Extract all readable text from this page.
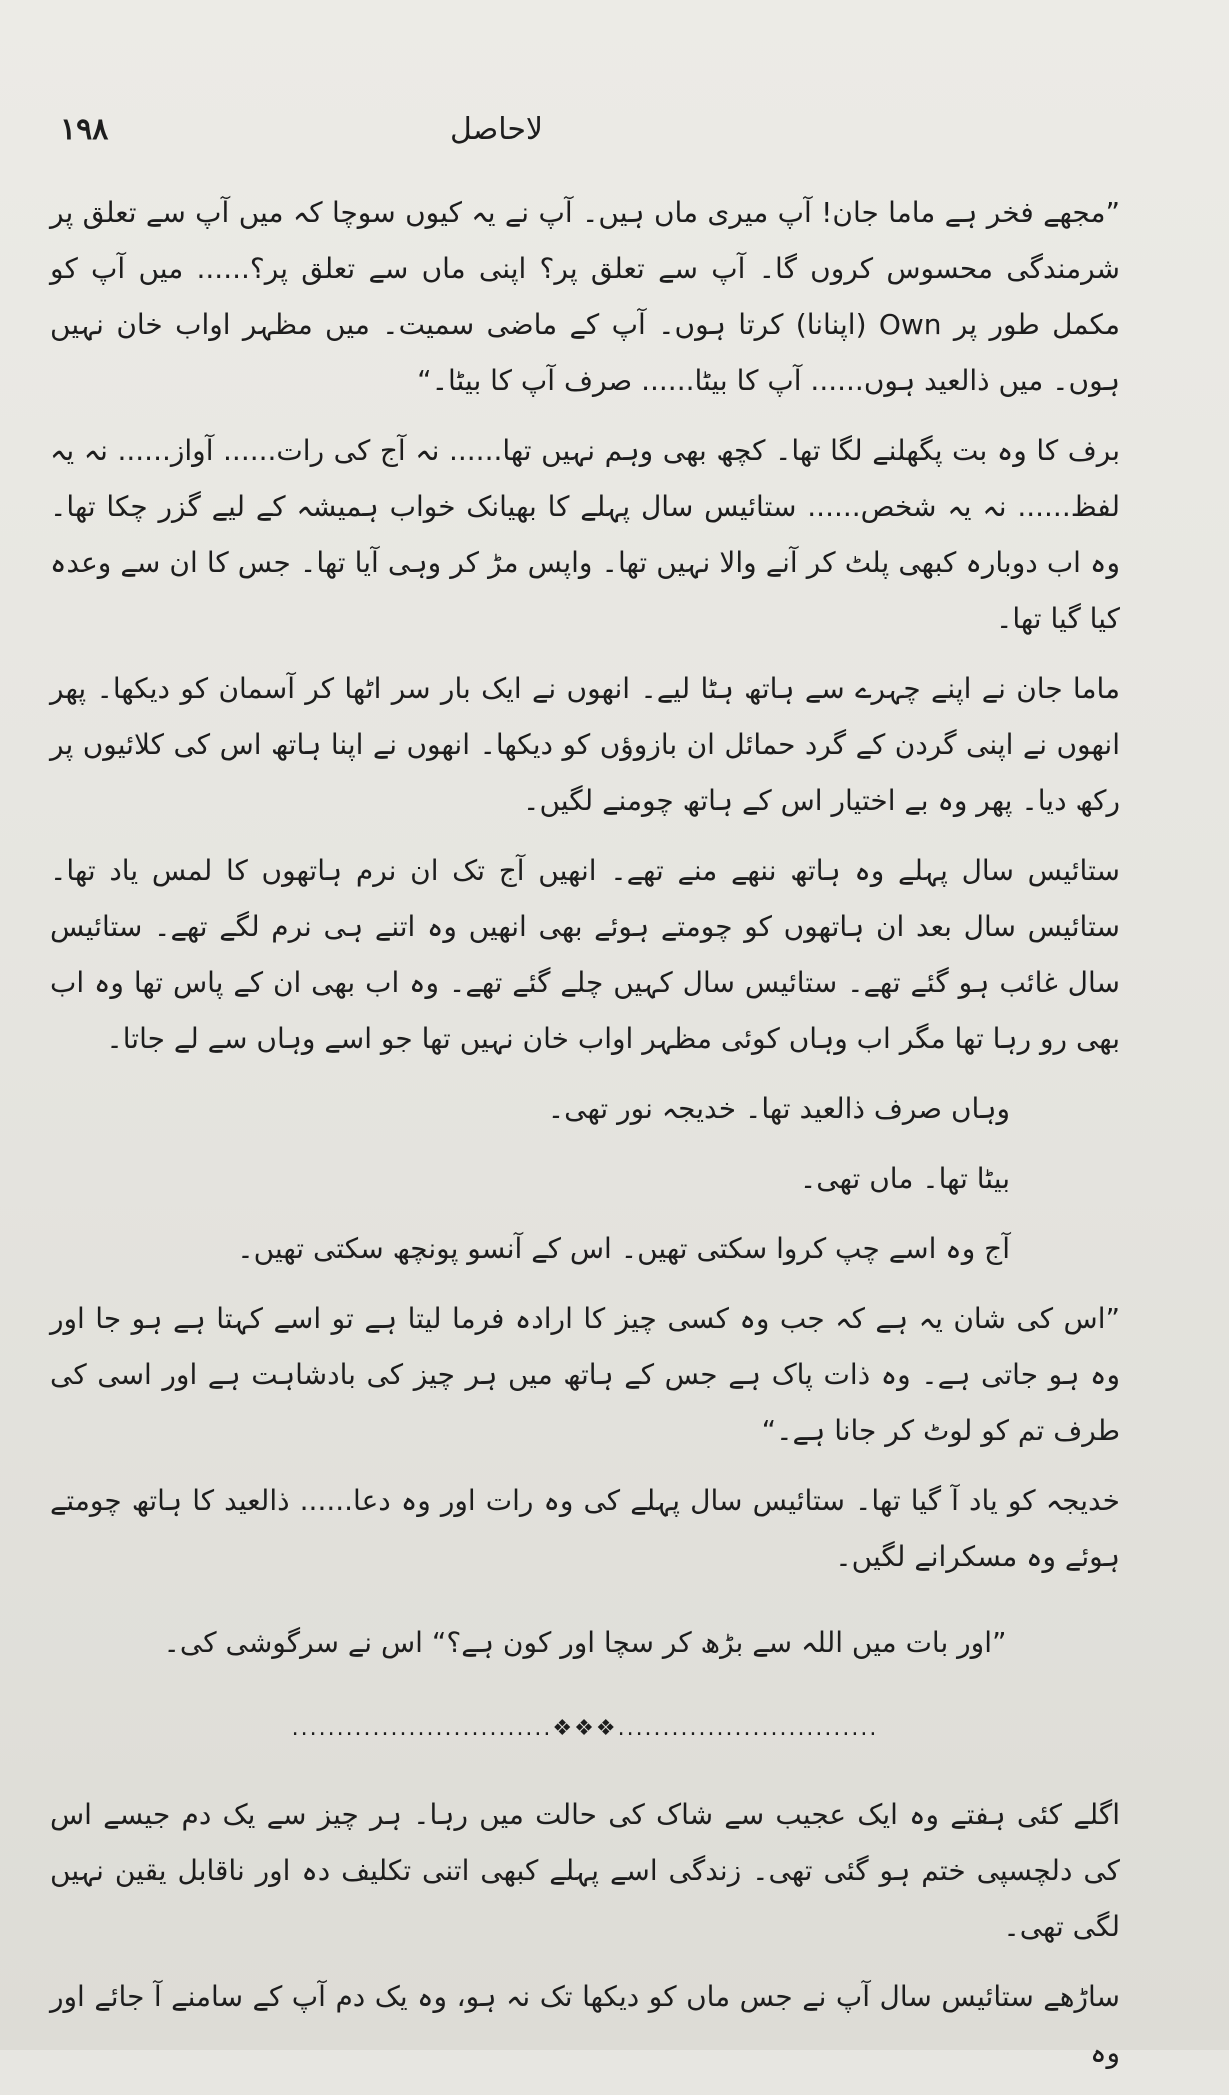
۱۹۸	لاحاصل

”مجھے فخر ہے ماما جان! آپ میری ماں ہیں۔ آپ نے یہ کیوں سوچا کہ میں آپ سے تعلق پر شرمندگی محسوس کروں گا۔ آپ سے تعلق پر؟ اپنی ماں سے تعلق پر؟...... میں آپ کو مکمل طور پر Own (اپنانا) کرتا ہوں۔ آپ کے ماضی سمیت۔ میں مظہر اواب خان نہیں ہوں۔ میں ذالعید ہوں...... آپ کا بیٹا...... صرف آپ کا بیٹا۔“

برف کا وہ بت پگھلنے لگا تھا۔ کچھ بھی وہم نہیں تھا...... نہ آج کی رات...... آواز...... نہ یہ لفظ...... نہ یہ شخص...... ستائیس سال پہلے کا بھیانک خواب ہمیشہ کے لیے گزر چکا تھا۔ وہ اب دوبارہ کبھی پلٹ کر آنے والا نہیں تھا۔ واپس مڑ کر وہی آیا تھا۔ جس کا ان سے وعدہ کیا گیا تھا۔

ماما جان نے اپنے چہرے سے ہاتھ ہٹا لیے۔ انھوں نے ایک بار سر اٹھا کر آسمان کو دیکھا۔ پھر انھوں نے اپنی گردن کے گرد حمائل ان بازوؤں کو دیکھا۔ انھوں نے اپنا ہاتھ اس کی کلائیوں پر رکھ دیا۔ پھر وہ بے اختیار اس کے ہاتھ چومنے لگیں۔

ستائیس سال پہلے وہ ہاتھ ننھے منے تھے۔ انھیں آج تک ان نرم ہاتھوں کا لمس یاد تھا۔ ستائیس سال بعد ان ہاتھوں کو چومتے ہوئے بھی انھیں وہ اتنے ہی نرم لگے تھے۔ ستائیس سال غائب ہو گئے تھے۔ ستائیس سال کہیں چلے گئے تھے۔ وہ اب بھی ان کے پاس تھا وہ اب بھی رو رہا تھا مگر اب وہاں کوئی مظہر اواب خان نہیں تھا جو اسے وہاں سے لے جاتا۔

وہاں صرف ذالعید تھا۔ خدیجہ نور تھی۔

بیٹا تھا۔ ماں تھی۔

آج وہ اسے چپ کروا سکتی تھیں۔ اس کے آنسو پونچھ سکتی تھیں۔

”اس کی شان یہ ہے کہ جب وہ کسی چیز کا ارادہ فرما لیتا ہے تو اسے کہتا ہے ہو جا اور وہ ہو جاتی ہے۔ وہ ذات پاک ہے جس کے ہاتھ میں ہر چیز کی بادشاہت ہے اور اسی کی طرف تم کو لوٹ کر جانا ہے۔“

خدیجہ کو یاد آ گیا تھا۔ ستائیس سال پہلے کی وہ رات اور وہ دعا...... ذالعید کا ہاتھ چومتے ہوئے وہ مسکرانے لگیں۔

”اور بات میں اللہ سے بڑھ کر سچا اور کون ہے؟“ اس نے سرگوشی کی۔

.............................❖❖❖.............................

اگلے کئی ہفتے وہ ایک عجیب سے شاک کی حالت میں رہا۔ ہر چیز سے یک دم جیسے اس کی دلچسپی ختم ہو گئی تھی۔ زندگی اسے پہلے کبھی اتنی تکلیف دہ اور ناقابل یقین نہیں لگی تھی۔

ساڑھے ستائیس سال آپ نے جس ماں کو دیکھا تک نہ ہو، وہ یک دم آپ کے سامنے آ جائے اور وہ
